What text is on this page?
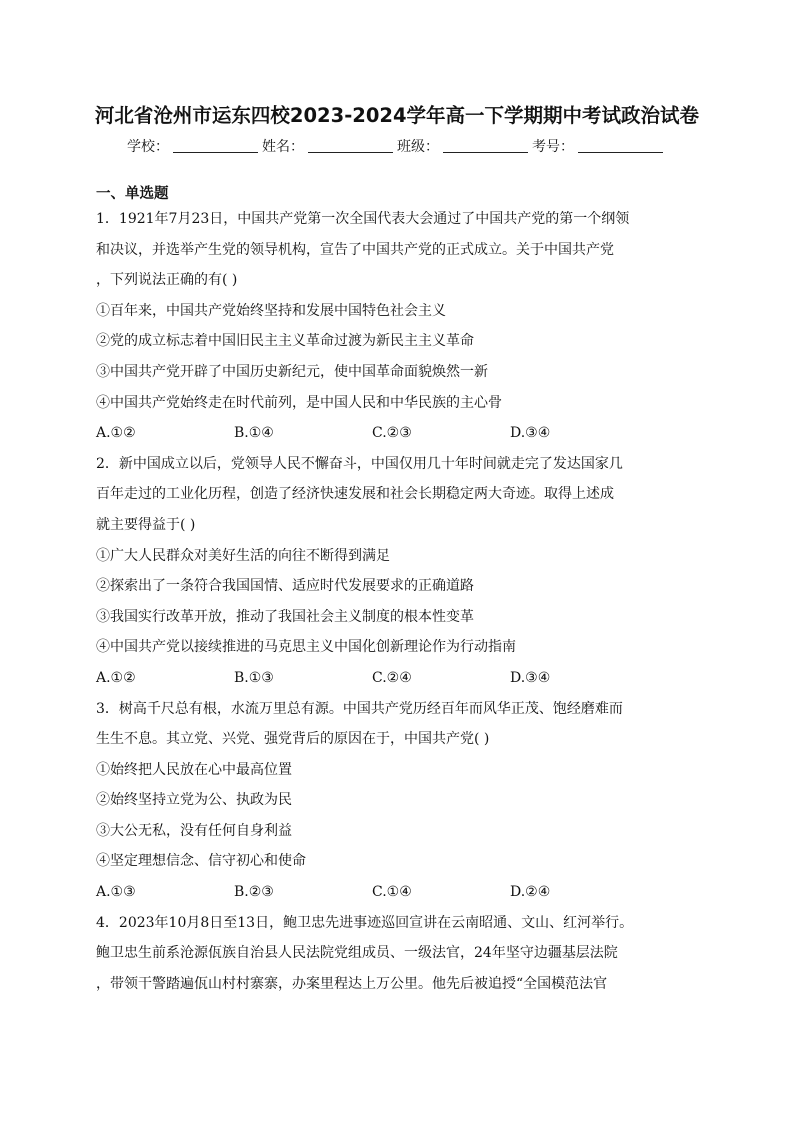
河北省沧州市运东四校2023-2024学年高一下学期期中考试政治试卷
学校：	姓名：	班级：	考号：
一、单选题
1．1921年7月23日，中国共产党第一次全国代表大会通过了中国共产党的第一个纲领
和决议，并选举产生党的领导机构，宣告了中国共产党的正式成立。关于中国共产党
，下列说法正确的有( )
①百年来，中国共产党始终坚持和发展中国特色社会主义
②党的成立标志着中国旧民主主义革命过渡为新民主主义革命
③中国共产党开辟了中国历史新纪元，使中国革命面貌焕然一新
④中国共产党始终走在时代前列，是中国人民和中华民族的主心骨
A.①②	B.①④	C.②③	D.③④
2．新中国成立以后，党领导人民不懈奋斗，中国仅用几十年时间就走完了发达国家几
百年走过的工业化历程，创造了经济快速发展和社会长期稳定两大奇迹。取得上述成
就主要得益于( )
①广大人民群众对美好生活的向往不断得到满足
②探索出了一条符合我国国情、适应时代发展要求的正确道路
③我国实行改革开放，推动了我国社会主义制度的根本性变革
④中国共产党以接续推进的马克思主义中国化创新理论作为行动指南
A.①②	B.①③	C.②④	D.③④
3．树高千尺总有根，水流万里总有源。中国共产党历经百年而风华正茂、饱经磨难而
生生不息。其立党、兴党、强党背后的原因在于，中国共产党( )
①始终把人民放在心中最高位置
②始终坚持立党为公、执政为民
③大公无私，没有任何自身利益
④坚定理想信念、信守初心和使命
A.①③	B.②③	C.①④	D.②④
4．2023年10月8日至13日，鲍卫忠先进事迹巡回宣讲在云南昭通、文山、红河举行。
鲍卫忠生前系沧源佤族自治县人民法院党组成员、一级法官，24年坚守边疆基层法院
，带领干警踏遍佤山村村寨寨，办案里程达上万公里。他先后被追授“全国模范法官
